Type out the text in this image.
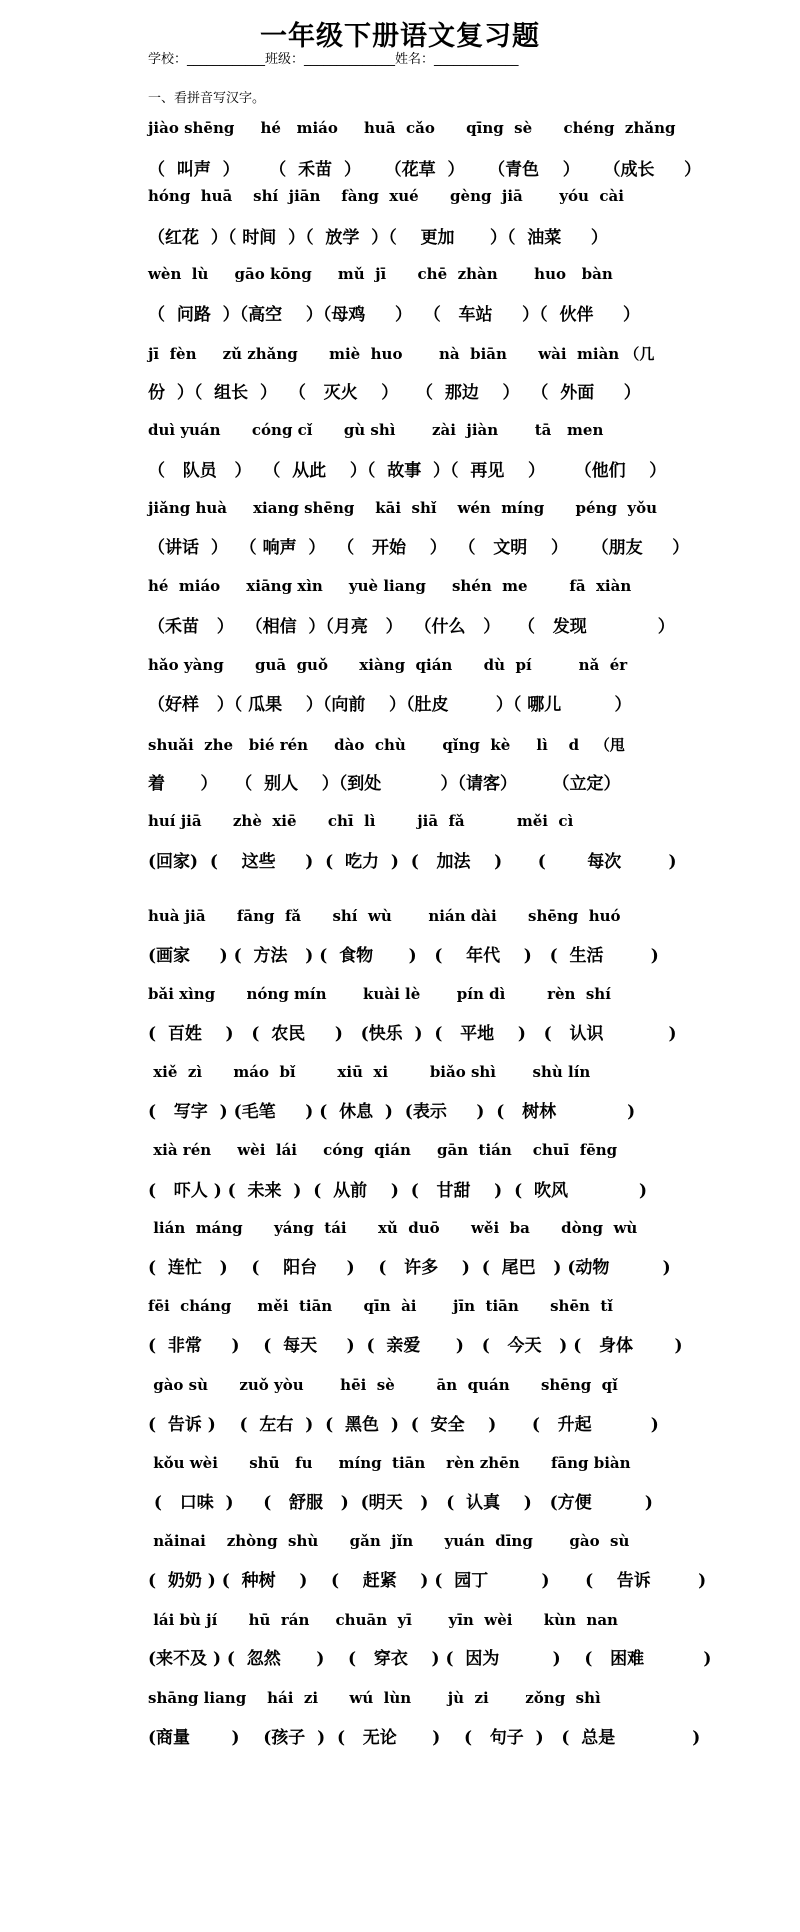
一年级下册语文复习题
学校：____________班级：______________姓名：_____________
一、看拼音写汉字。
jiào shēng     hé   miáo     huā  cǎo      qīng  sè      chéng  zhǎng
（  叫声  ）     （  禾苗  ）    （花草  ）    （青色    ）    （成长     ）
hóng  huā    shí  jiān    fàng  xué      gèng  jiā       yóu  cài
（红花  ）（ 时间  ）（  放学  ）（    更加      ）（  油菜     ）
wèn  lù     gāo kōng     mǔ  jī      chē  zhàn       huo   bàn
（  问路  ）（高空    ）（母鸡     ）  （   车站     ）（  伙伴     ）
jī  fèn     zǔ zhǎng      miè  huo       nà  biān      wài  miàn （几
份  ）（  组长  ）  （   灭火    ）   （  那边    ）  （  外面     ）
duì yuán      cóng cǐ      gù shì       zài  jiàn       tā   men
（   队员   ）  （  从此    ）（  故事  ）（  再见    ）     （他们    ）
jiǎng huà     xiang shēng    kāi  shǐ    wén  míng      péng  yǒu
（讲话  ）  （ 响声  ）  （   开始    ）  （   文明    ）    （朋友     ）
hé  miáo     xiāng xìn     yuè liang     shén  me        fā  xiàn
（禾苗   ）  （相信  ）（月亮   ）  （什么   ）   （   发现            ）
hǎo yàng      guā  guǒ      xiàng  qián      dù  pí         nǎ  ér
（好样   ）（ 瓜果    ）（向前    ）（肚皮        ）（ 哪儿         ）
shuǎi  zhe   bié rén     dào  chù       qǐng  kè     lì    d   （甩
着      ）   （  别人    ）（到处          ）（请客）      （立定）
huí jiā      zhè  xiē      chī  lì        jiā  fǎ          měi  cì
(回家)  (    这些     )  (  吃力  )  (   加法    )      (       每次        )
huà jiā      fāng  fǎ      shí  wù       nián dài      shēng  huó
(画家     ) (  方法   ) (  食物      )   (    年代    )   (  生活        )
bǎi xìng      nóng mín       kuài lè       pín dì        rèn  shí
(  百姓    )   (  农民     )   (快乐  )  (   平地    )   (   认识           )
xiě  zì      máo  bǐ        xiū  xi        biǎo shì       shù lín
(   写字  ) (毛笔     ) (  休息  )  (表示     )  (   树林            )
xià rén     wèi  lái     cóng  qián     gān  tián    chuī  fēng
(   吓人 ) (  未来  )  (  从前    )  (   甘甜    )  (  吹风            )
lián  máng      yáng  tái      xǔ  duō      wěi  ba      dòng  wù
(  连忙   )    (    阳台     )    (   许多    )  (  尾巴   ) (动物         )
fēi  cháng     měi  tiān      qīn  ài       jīn  tiān      shēn  tǐ
(  非常     )    (  每天     )  (  亲爱      )   (   今天   ) (   身体       )
gào sù      zuǒ yòu       hēi  sè        ān  quán      shēng  qǐ
(  告诉 )    (  左右  )  (  黑色  )  (  安全    )      (   升起          )
kǒu wèi      shū   fu     míng  tiān    rèn zhēn      fāng biàn
(   口味  )     (   舒服   )  (明天   )   (  认真    )   (方便         )
nǎinai    zhòng  shù      gǎn  jǐn      yuán  dīng       gào  sù
(  奶奶 ) (  种树    )    (    赶紧    ) (  园丁         )      (    告诉        )
lái bù jí      hū  rán     chuān  yī       yīn  wèi      kùn  nan
(来不及 ) (  忽然      )    (   穿衣    ) (  因为         )    (   困难          )
shāng liang    hái  zi      wú  lùn       jù  zi       zǒng  shì
(商量       )    (孩子  )  (   无论      )    (   句子  )   (  总是             )
